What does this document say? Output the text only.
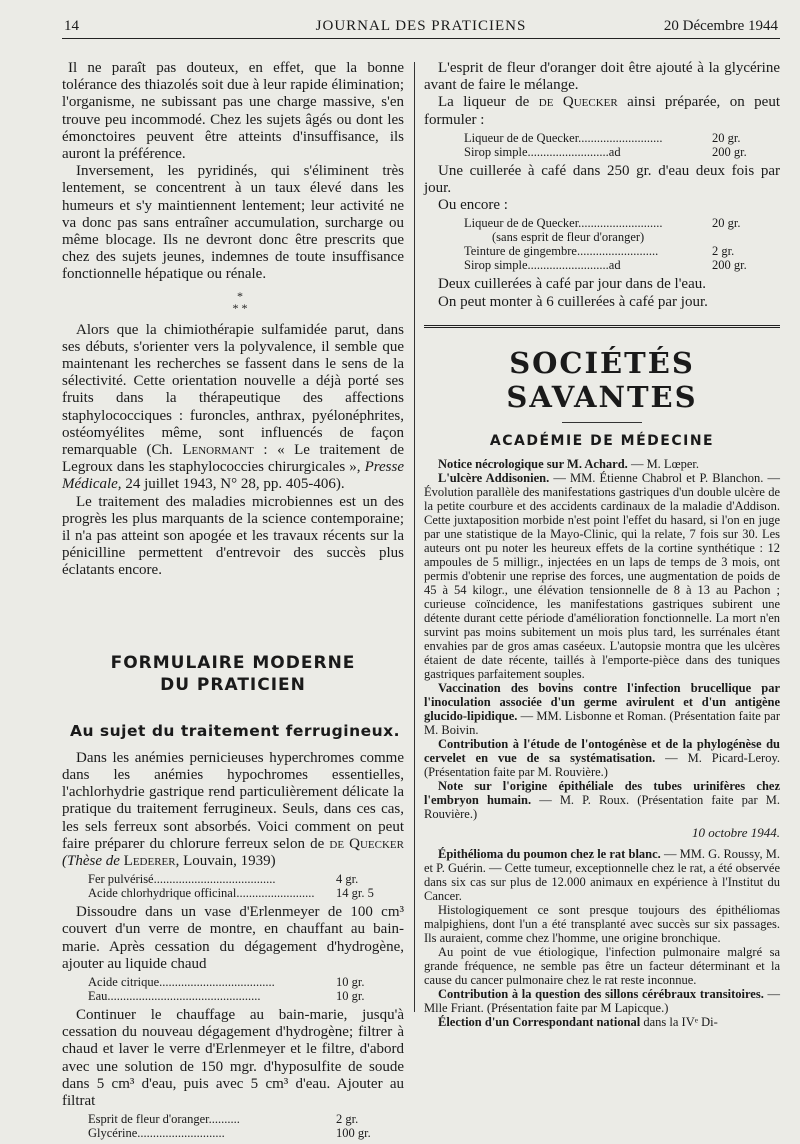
14	JOURNAL DES PRATICIENS	20 Décembre 1944

Il ne paraît pas douteux, en effet, que la bonne tolérance des thiazolés soit due à leur rapide élimination; l'organisme, ne subissant pas une charge massive, s'en trouve peu incommodé. Chez les sujets âgés ou dont les émonctoires peuvent être atteints d'insuffisance, ils auront la préférence.

Inversement, les pyridinés, qui s'éliminent très lentement, se concentrent à un taux élevé dans les humeurs et s'y maintiennent lentement; leur activité ne va donc pas sans entraîner accumulation, surcharge ou même blocage. Ils ne devront donc être prescrits que chez des sujets jeunes, indemnes de toute insuffisance fonctionnelle hépatique ou rénale.

*
* *

Alors que la chimiothérapie sulfamidée parut, dans ses débuts, s'orienter vers la polyvalence, il semble que maintenant les recherches se fassent dans le sens de la sélectivité. Cette orientation nouvelle a déjà porté ses fruits dans la thérapeutique des affections staphylococciques : furoncles, anthrax, pyélonéphrites, ostéomyélites même, sont influencés de façon remarquable (Ch. Lenormant : « Le traitement de Legroux dans les staphylococcies chirurgicales », Presse Médicale, 24 juillet 1943, N° 28, pp. 405-406).

Le traitement des maladies microbiennes est un des progrès les plus marquants de la science contemporaine; il n'a pas atteint son apogée et les travaux récents sur la pénicilline permettent d'entrevoir des succès plus éclatants encore.

FORMULAIRE MODERNE
DU PRATICIEN
Au sujet du traitement ferrugineux.

Dans les anémies pernicieuses hyperchromes comme dans les anémies hypochromes essentielles, l'achlorhydrie gastrique rend particulièrement délicate la pratique du traitement ferrugineux. Seuls, dans ces cas, les sels ferreux sont absorbés. Voici comment on peut faire préparer du chlorure ferreux selon de de Quecker (Thèse de Lederer, Louvain, 1939)

Fer pulvérisé.......................................	4 gr.
Acide chlorhydrique officinal.........................	14 gr. 5

Dissoudre dans un vase d'Erlenmeyer de 100 cm³ couvert d'un verre de montre, en chauffant au bain-marie. Après cessation du dégagement d'hydrogène, ajouter au liquide chaud

Acide citrique.....................................	10 gr.
Eau.................................................	10 gr.

Continuer le chauffage au bain-marie, jusqu'à cessation du nouveau dégagement d'hydrogène; filtrer à chaud et laver le verre d'Erlenmeyer et le filtre, d'abord avec une solution de 150 mgr. d'hyposulfite de soude dans 5 cm³ d'eau, puis avec 5 cm³ d'eau. Ajouter au filtrat

Esprit de fleur d'oranger..........	2 gr.
Glycérine............................	100 gr.

L'esprit de fleur d'oranger doit être ajouté à la glycérine avant de faire le mélange.

La liqueur de de Quecker ainsi préparée, on peut formuler :

Liqueur de de Quecker...........................	20 gr.
Sirop simple..........................ad	200 gr.

Une cuillerée à café dans 250 gr. d'eau deux fois par jour.

Ou encore :

Liqueur de de Quecker...........................	20 gr.
(sans esprit de fleur d'oranger)
Teinture de gingembre..........................	2 gr.
Sirop simple..........................ad	200 gr.

Deux cuillerées à café par jour dans de l'eau.

On peut monter à 6 cuillerées à café par jour.

SOCIÉTÉS SAVANTES
ACADÉMIE DE MÉDECINE

Notice nécrologique sur M. Achard. — M. Lœper.

L'ulcère Addisonien. — MM. Étienne Chabrol et P. Blanchon. — Évolution parallèle des manifestations gastriques d'un double ulcère de la petite courbure et des accidents cardinaux de la maladie d'Addison. Cette juxtaposition morbide n'est point l'effet du hasard, si l'on en juge par une statistique de la Mayo-Clinic, qui la relate, 7 fois sur 30. Les auteurs ont pu noter les heureux effets de la cortine synthétique : 12 ampoules de 5 milligr., injectées en un laps de temps de 3 mois, ont permis d'obtenir une reprise des forces, une augmentation de poids de 45 à 54 kilogr., une élévation tensionnelle de 8 à 13 au Pachon ; curieuse coïncidence, les manifestations gastriques subirent une détente durant cette période d'amélioration fonctionnelle. La mort n'en survint pas moins subitement un mois plus tard, les surrénales étant envahies par de gros amas caséeux. L'autopsie montra que les ulcères étaient de date récente, taillés à l'emporte-pièce dans des tuniques gastriques parfaitement souples.

Vaccination des bovins contre l'infection brucellique par l'inoculation associée d'un germe avirulent et d'un antigène glucido-lipidique. — MM. Lisbonne et Roman. (Présentation faite par M. Boivin.

Contribution à l'étude de l'ontogénèse et de la phylogénèse du cervelet en vue de sa systématisation. — M. Picard-Leroy. (Présentation faite par M. Rouvière.)

Note sur l'origine épithéliale des tubes urinifères chez l'embryon humain. — M. P. Roux. (Présentation faite par M. Rouvière.)

10 octobre 1944.

Épithélioma du poumon chez le rat blanc. — MM. G. Roussy, M. et P. Guérin. — Cette tumeur, exceptionnelle chez le rat, a été observée dans six cas sur plus de 12.000 animaux en expérience à l'Institut du Cancer.

Histologiquement ce sont presque toujours des épithéliomas malpighiens, dont l'un a été transplanté avec succès sur six passages. Ils auraient, comme chez l'homme, une origine bronchique.

Au point de vue étiologique, l'infection pulmonaire malgré sa grande fréquence, ne semble pas être un facteur déterminant et la cause du cancer pulmonaire chez le rat reste inconnue.

Contribution à la question des sillons cérébraux transitoires. — Mlle Friant. (Présentation faite par M Lapicque.)

Élection d'un Correspondant national dans la IVᵉ Di-
